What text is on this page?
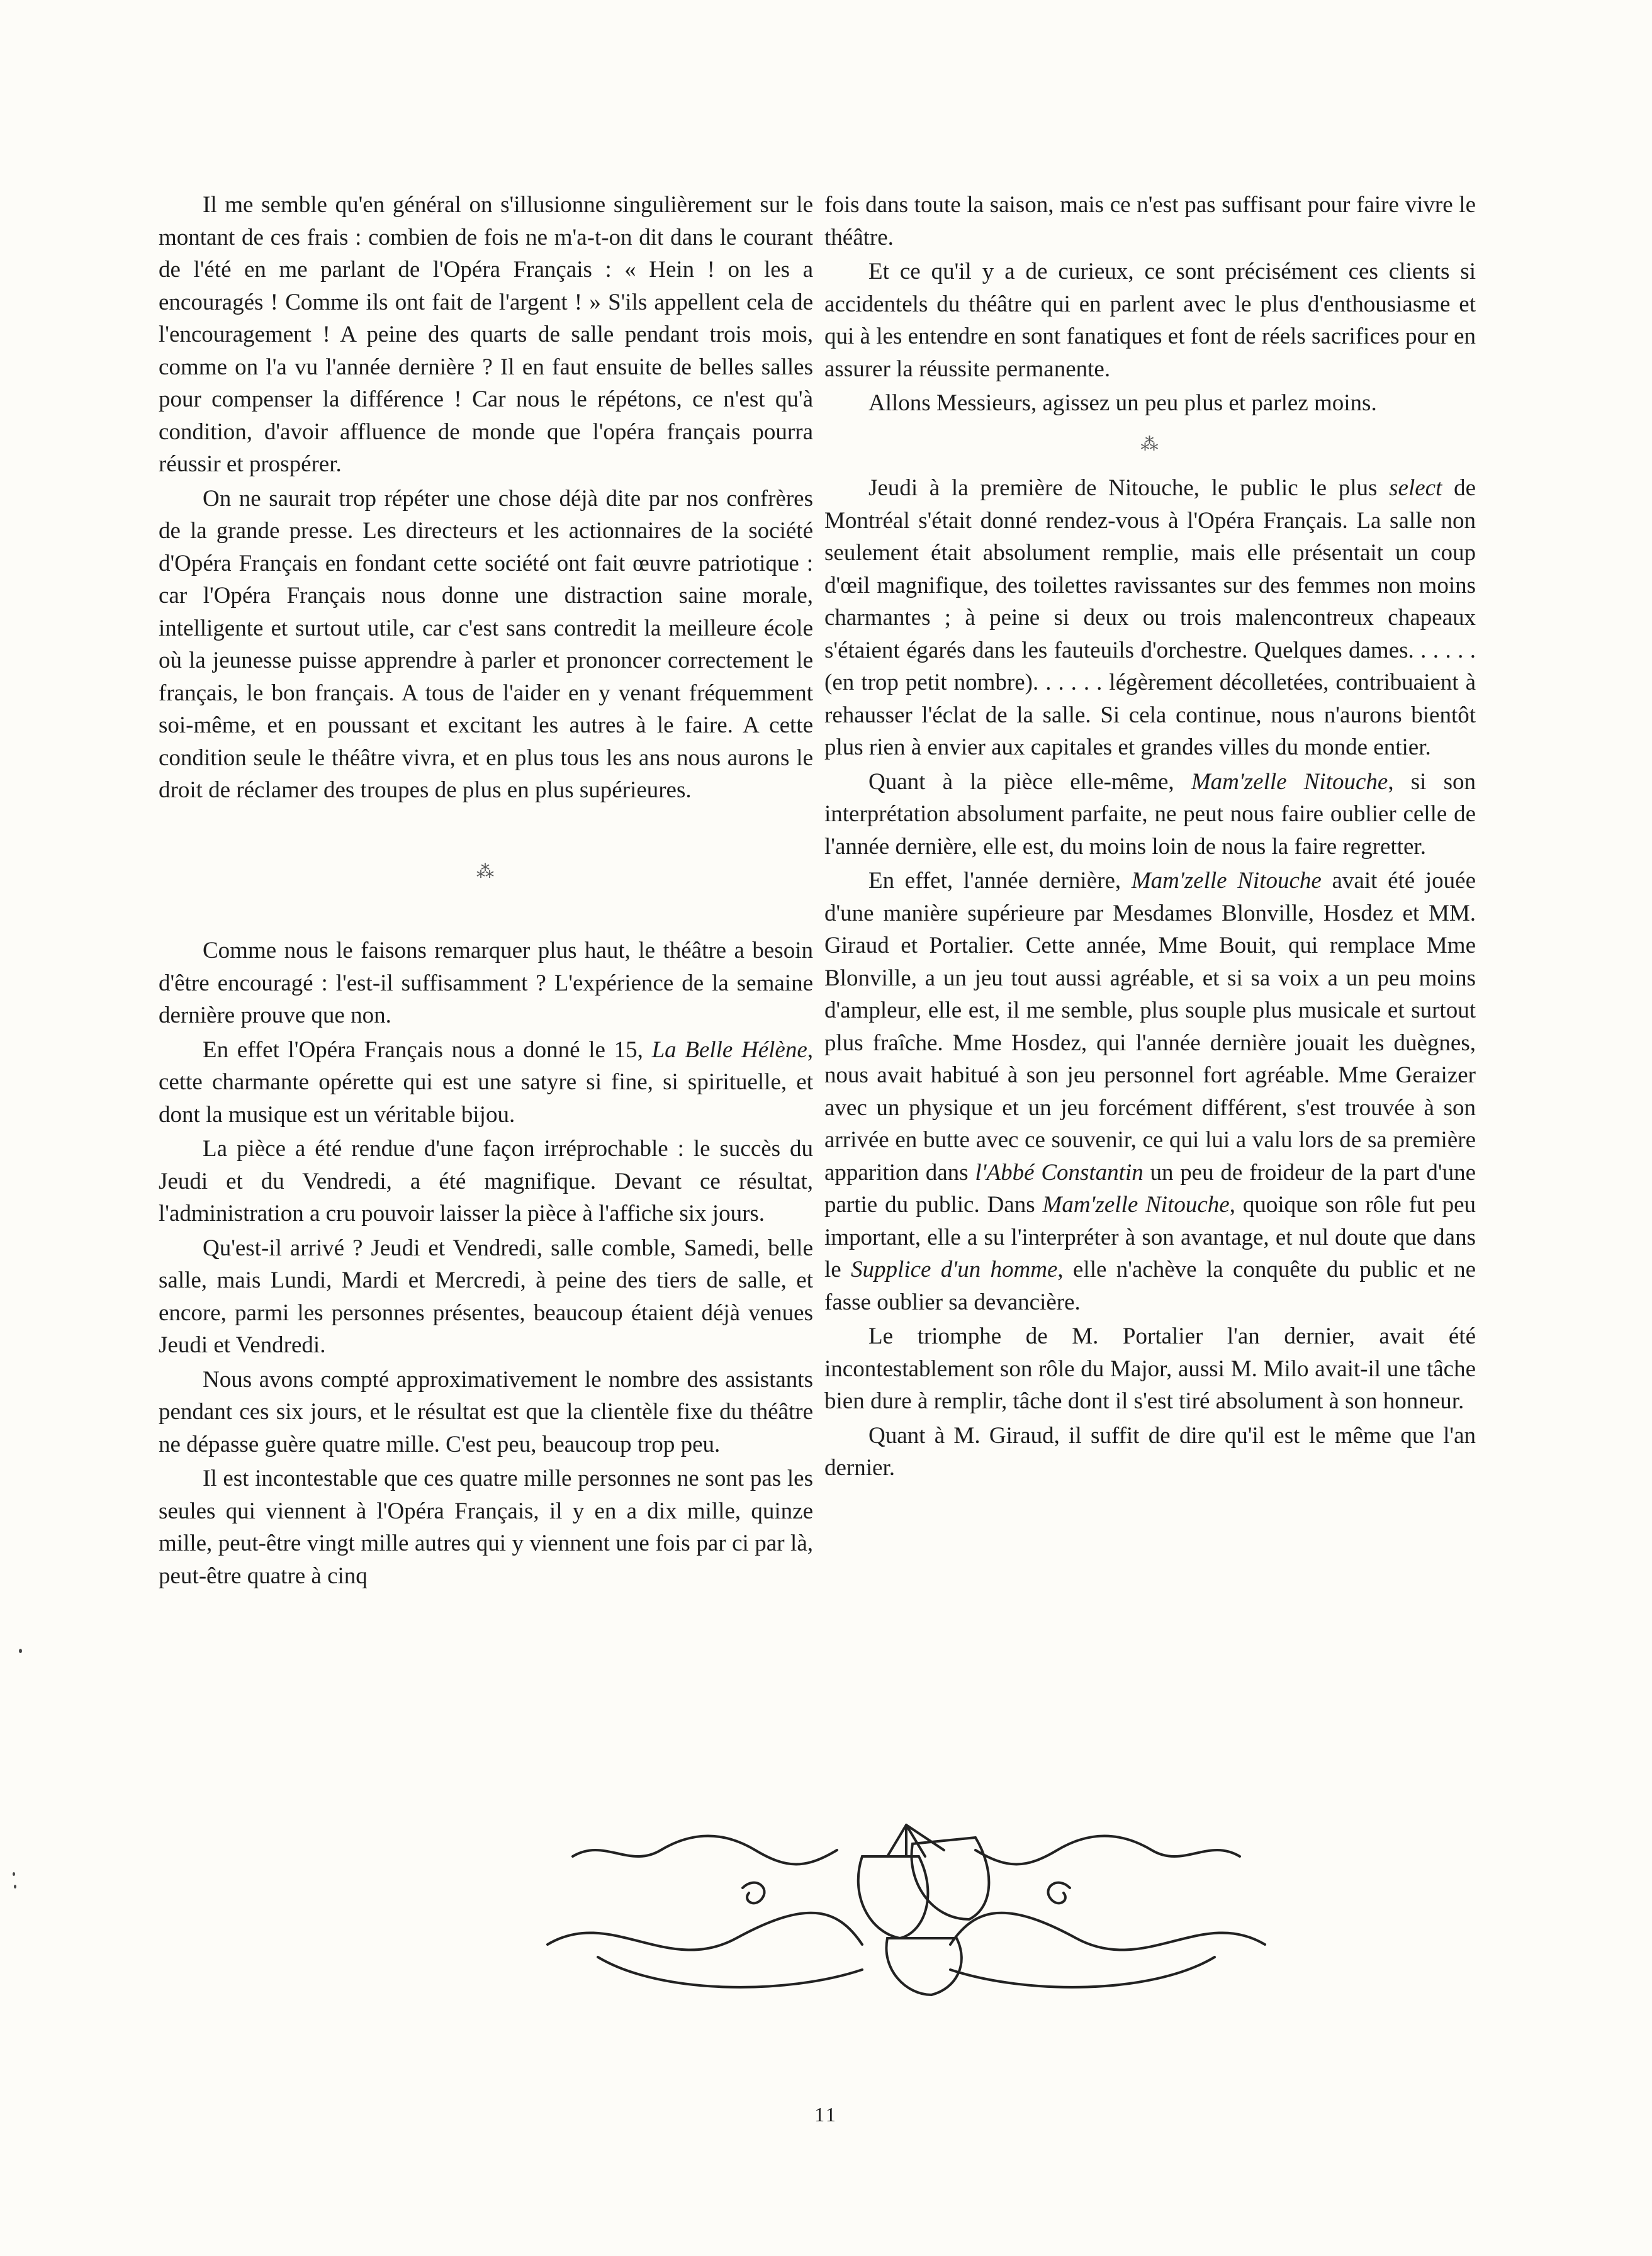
Il me semble qu'en général on s'illusionne singulièrement sur le montant de ces frais : combien de fois ne m'a-t-on dit dans le courant de l'été en me parlant de l'Opéra Français : « Hein ! on les a encouragés ! Comme ils ont fait de l'argent ! » S'ils appellent cela de l'encouragement ! A peine des quarts de salle pendant trois mois, comme on l'a vu l'année dernière ? Il en faut ensuite de belles salles pour compenser la différence ! Car nous le répétons, ce n'est qu'à condition, d'avoir affluence de monde que l'opéra français pourra réussir et prospérer.

On ne saurait trop répéter une chose déjà dite par nos confrères de la grande presse. Les directeurs et les actionnaires de la société d'Opéra Français en fondant cette société ont fait œuvre patriotique : car l'Opéra Français nous donne une distraction saine morale, intelligente et surtout utile, car c'est sans contredit la meilleure école où la jeunesse puisse apprendre à parler et prononcer correctement le français, le bon français. A tous de l'aider en y venant fréquemment soi-même, et en poussant et excitant les autres à le faire. A cette condition seule le théâtre vivra, et en plus tous les ans nous aurons le droit de réclamer des troupes de plus en plus supérieures.

⁂

Comme nous le faisons remarquer plus haut, le théâtre a besoin d'être encouragé : l'est-il suffisamment ? L'expérience de la semaine dernière prouve que non.

En effet l'Opéra Français nous a donné le 15, La Belle Hélène, cette charmante opérette qui est une satyre si fine, si spirituelle, et dont la musique est un véritable bijou.

La pièce a été rendue d'une façon irréprochable : le succès du Jeudi et du Vendredi, a été magnifique. Devant ce résultat, l'administration a cru pouvoir laisser la pièce à l'affiche six jours.

Qu'est-il arrivé ? Jeudi et Vendredi, salle comble, Samedi, belle salle, mais Lundi, Mardi et Mercredi, à peine des tiers de salle, et encore, parmi les personnes présentes, beaucoup étaient déjà venues Jeudi et Vendredi.

Nous avons compté approximativement le nombre des assistants pendant ces six jours, et le résultat est que la clientèle fixe du théâtre ne dépasse guère quatre mille. C'est peu, beaucoup trop peu.

Il est incontestable que ces quatre mille personnes ne sont pas les seules qui viennent à l'Opéra Français, il y en a dix mille, quinze mille, peut-être vingt mille autres qui y viennent une fois par ci par là, peut-être quatre à cinq

fois dans toute la saison, mais ce n'est pas suffisant pour faire vivre le théâtre.

Et ce qu'il y a de curieux, ce sont précisément ces clients si accidentels du théâtre qui en parlent avec le plus d'enthousiasme et qui à les entendre en sont fanatiques et font de réels sacrifices pour en assurer la réussite permanente.

Allons Messieurs, agissez un peu plus et parlez moins.

⁂

Jeudi à la première de Nitouche, le public le plus select de Montréal s'était donné rendez-vous à l'Opéra Français. La salle non seulement était absolument remplie, mais elle présentait un coup d'œil magnifique, des toilettes ravissantes sur des femmes non moins charmantes ; à peine si deux ou trois malencontreux chapeaux s'étaient égarés dans les fauteuils d'orchestre. Quelques dames. . . . . . (en trop petit nombre). . . . . . légèrement décolletées, contribuaient à rehausser l'éclat de la salle. Si cela continue, nous n'aurons bientôt plus rien à envier aux capitales et grandes villes du monde entier.

Quant à la pièce elle-même, Mam'zelle Nitouche, si son interprétation absolument parfaite, ne peut nous faire oublier celle de l'année dernière, elle est, du moins loin de nous la faire regretter.

En effet, l'année dernière, Mam'zelle Nitouche avait été jouée d'une manière supérieure par Mesdames Blonville, Hosdez et MM. Giraud et Portalier. Cette année, Mme Bouit, qui remplace Mme Blonville, a un jeu tout aussi agréable, et si sa voix a un peu moins d'ampleur, elle est, il me semble, plus souple plus musicale et surtout plus fraîche. Mme Hosdez, qui l'année dernière jouait les duègnes, nous avait habitué à son jeu personnel fort agréable. Mme Geraizer avec un physique et un jeu forcément différent, s'est trouvée à son arrivée en butte avec ce souvenir, ce qui lui a valu lors de sa première apparition dans l'Abbé Constantin un peu de froideur de la part d'une partie du public. Dans Mam'zelle Nitouche, quoique son rôle fut peu important, elle a su l'interpréter à son avantage, et nul doute que dans le Supplice d'un homme, elle n'achève la conquête du public et ne fasse oublier sa devancière.

Le triomphe de M. Portalier l'an dernier, avait été incontestablement son rôle du Major, aussi M. Milo avait-il une tâche bien dure à remplir, tâche dont il s'est tiré absolument à son honneur.

Quant à M. Giraud, il suffit de dire qu'il est le même que l'an dernier.

11
